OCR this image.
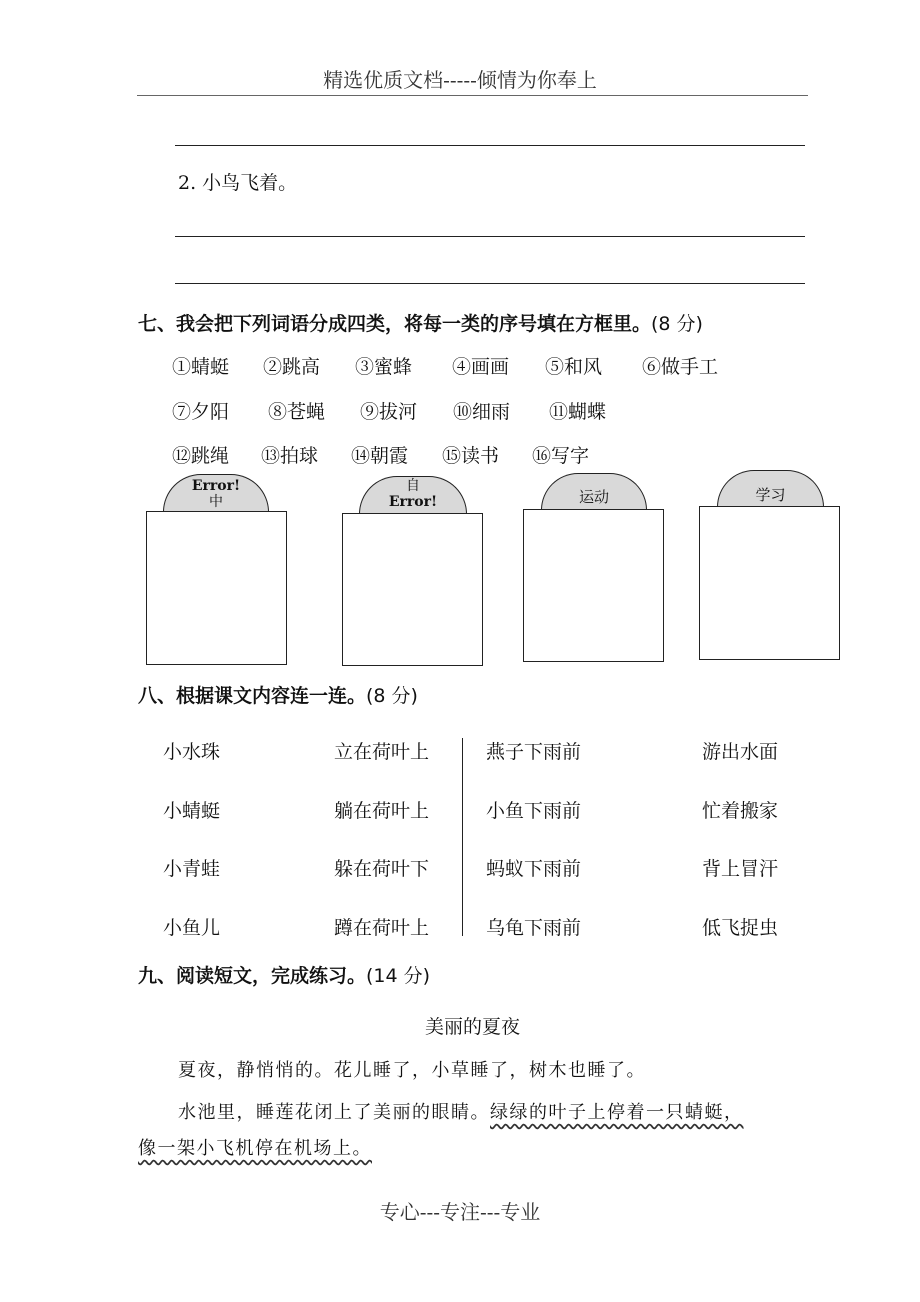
精选优质文档-----倾情为你奉上
2. 小鸟飞着。
七、我会把下列词语分成四类，将每一类的序号填在方框里。(8 分)
①蜻蜓 ②跳高 ③蜜蜂 ④画画 ⑤和风 ⑥做手工
⑦夕阳 ⑧苍蝇 ⑨拔河 ⑩细雨 ⑪蝴蝶
⑫跳绳 ⑬拍球 ⑭朝霞 ⑮读书 ⑯写字
Error!
中
自
Error!	运动	学习
八、根据课文内容连一连。(8 分)
小水珠
小蜻蜓
小青蛙
小鱼儿
立在荷叶上
躺在荷叶上
躲在荷叶下
蹲在荷叶上
燕子下雨前
小鱼下雨前
蚂蚁下雨前
乌龟下雨前
游出水面
忙着搬家
背上冒汗
低飞捉虫
九、阅读短文，完成练习。(14 分)
美丽的夏夜
夏夜，静悄悄的。花儿睡了，小草睡了，树木也睡了。
水池里，睡莲花闭上了美丽的眼睛。绿绿的叶子上停着一只蜻蜓，
像一架小飞机停在机场上。
专心---专注---专业
